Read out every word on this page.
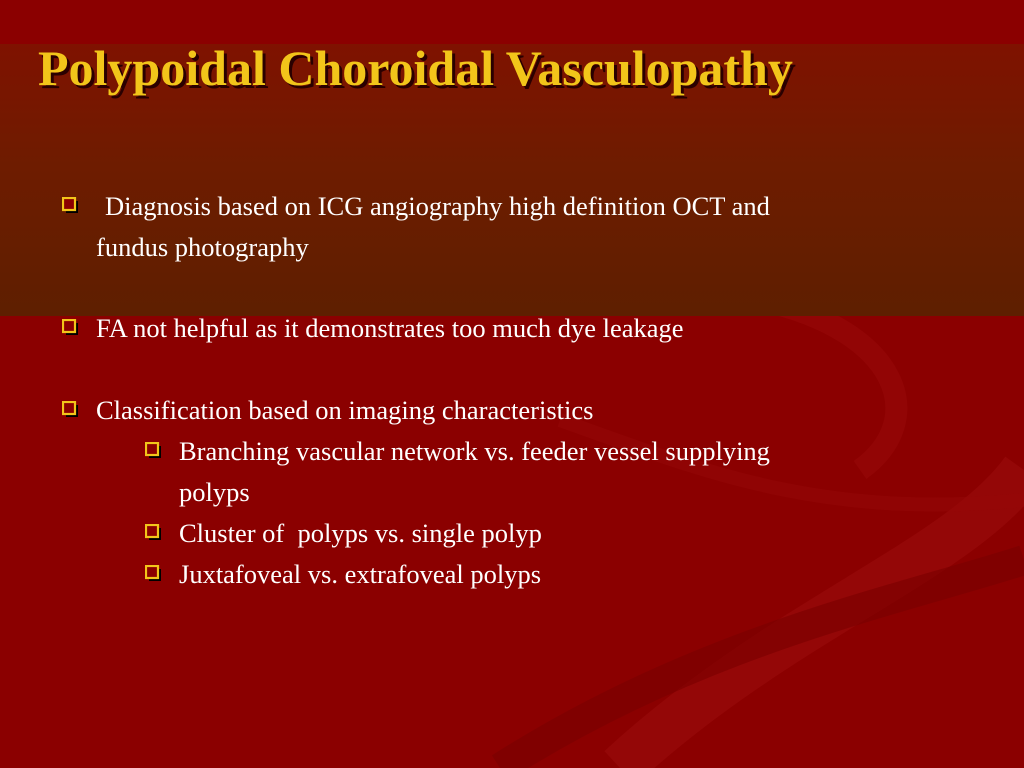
Polypoidal Choroidal Vasculopathy
Diagnosis based on ICG angiography high definition OCT and
fundus photography
FA not helpful as it demonstrates too much dye leakage
Classification based on imaging characteristics
Branching vascular network vs. feeder vessel supplying
polyps
Cluster of  polyps vs. single polyp
Juxtafoveal vs. extrafoveal polyps
